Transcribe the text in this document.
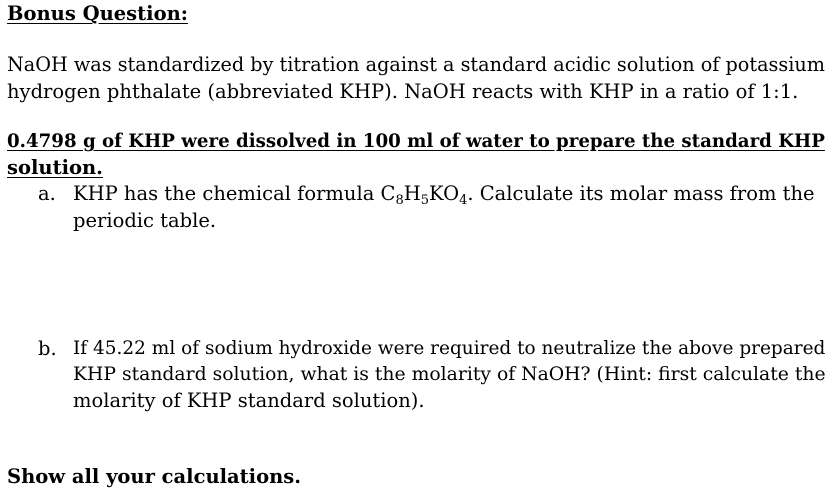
Bonus Question:
NaOH was standardized by titration against a standard acidic solution of potassium
hydrogen phthalate (abbreviated KHP). NaOH reacts with KHP in a ratio of 1:1.
0.4798 g of KHP were dissolved in 100 ml of water to prepare the standard KHP
solution.
a. KHP has the chemical formula $C_8H_5KO_4$. Calculate its molar mass from the
periodic table.
b. If 45.22 ml of sodium hydroxide were required to neutralize the above prepared
KHP standard solution, what is the molarity of NaOH? (Hint: first calculate the
molarity of KHP standard solution).
Show all your calculations.
